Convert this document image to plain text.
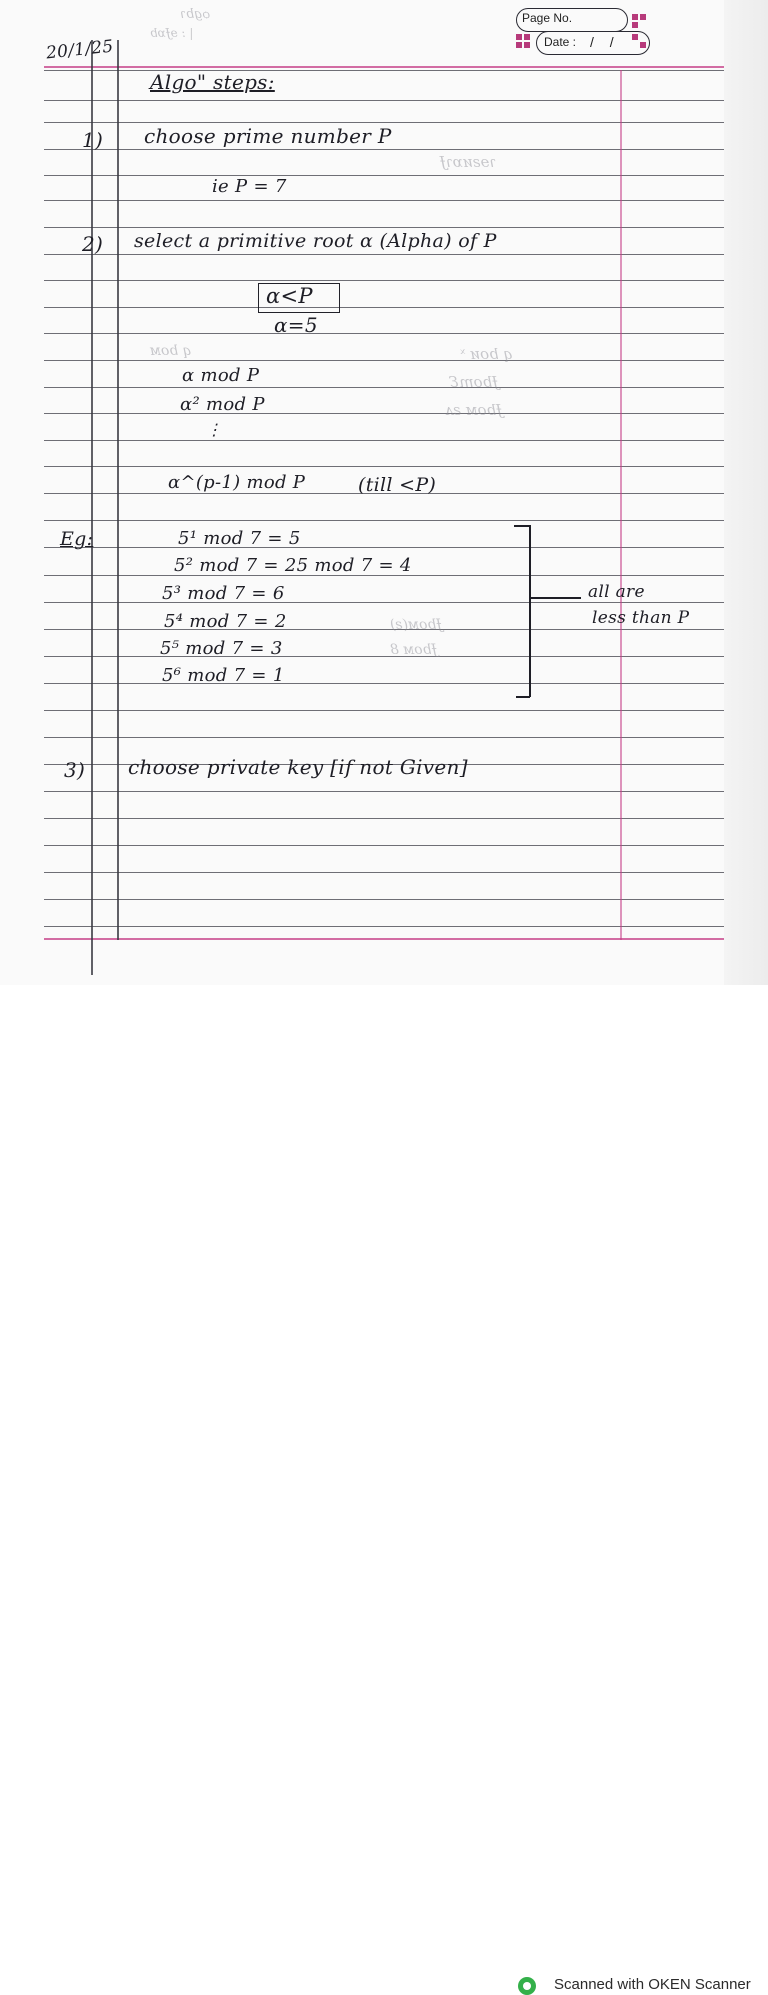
Page No.
Date : / /
ѻgbɿ
| : ɘɈɒb
ɿɘƨᴎɒɿɈ
q boᴎ ˣ
ɈbomƐ
Ɉboᴍ ƨᴧ
q boᴍ
Ɉboᴍ(ƨ)
Ɉboᴍ 8
20/1/25
Algo" steps:
1) choose prime number P
ie P = 7
2) select a primitive root α (Alpha) of P
α<P
α=5
α mod P
α² mod P
⋮
α^(p-1) mod P	(till <P)
Eg:	5¹ mod 7 = 5
5² mod 7 = 25 mod 7 = 4
5³ mod 7 = 6
5⁴ mod 7 = 2
5⁵ mod 7 = 3
5⁶ mod 7 = 1
all are
less than P
3) choose private key [if not Given]
Scanned with OKEN Scanner
